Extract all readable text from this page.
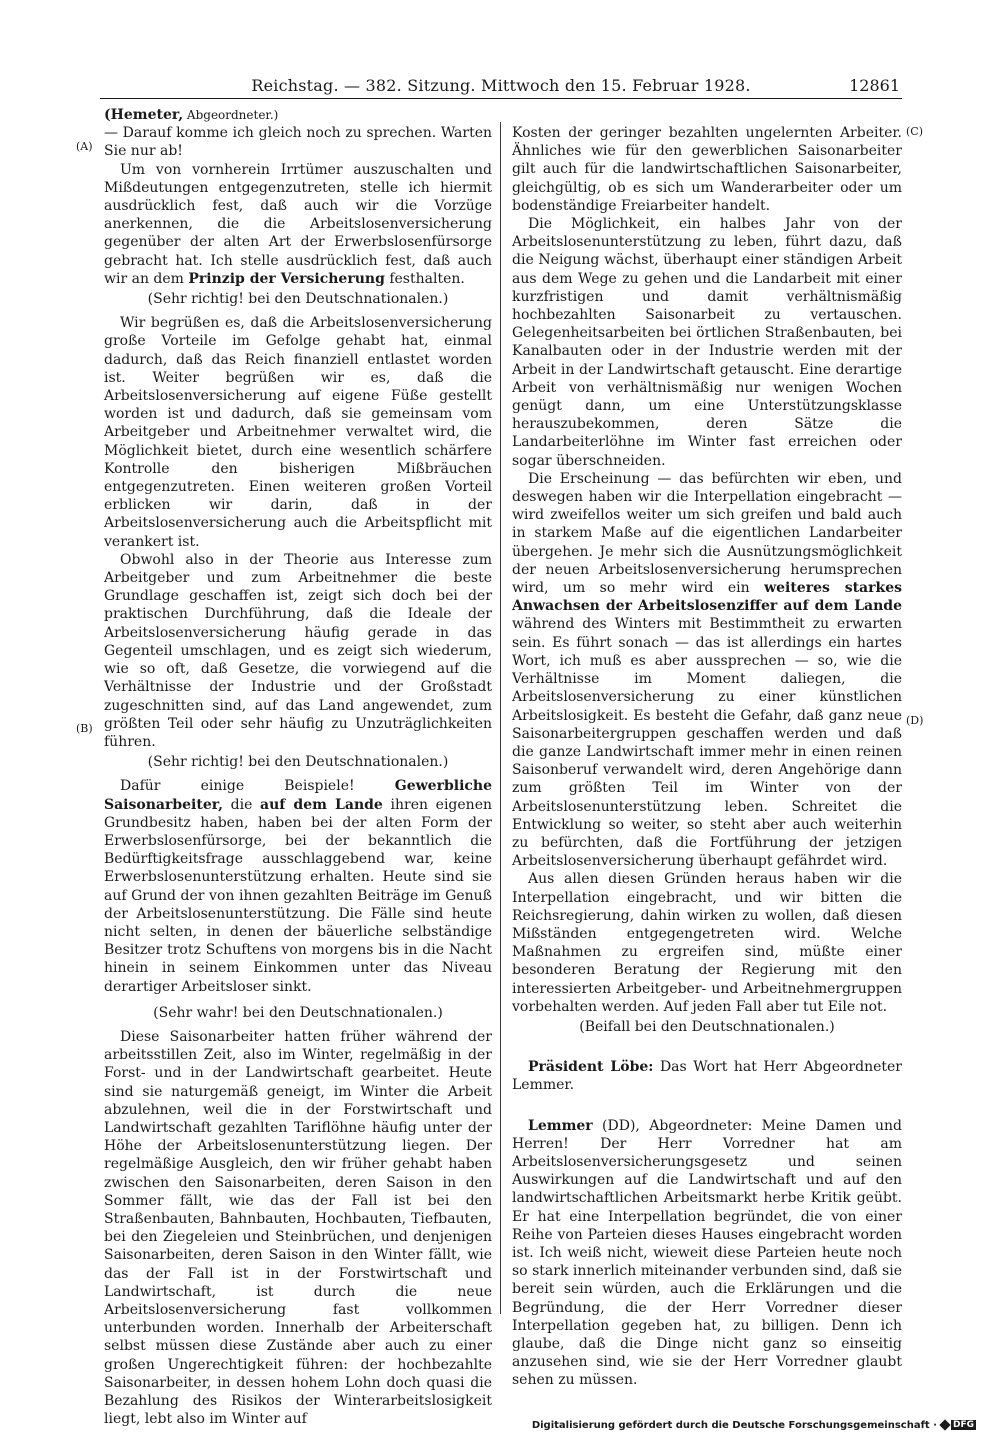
Reichstag. — 382. Sitzung. Mittwoch den 15. Februar 1928.	12861
(A)
(B)
(C)
(D)

(Hemeter, Abgeordneter.)

— Darauf komme ich gleich noch zu sprechen. Warten Sie nur ab!

Um von vornherein Irrtümer auszuschalten und Mißdeutungen entgegenzutreten, stelle ich hiermit ausdrücklich fest, daß auch wir die Vorzüge anerkennen, die die Arbeitslosenversicherung gegenüber der alten Art der Erwerbslosenfürsorge gebracht hat. Ich stelle ausdrücklich fest, daß auch wir an dem Prinzip der Versicherung festhalten.

(Sehr richtig! bei den Deutschnationalen.)

Wir begrüßen es, daß die Arbeitslosenversicherung große Vorteile im Gefolge gehabt hat, einmal dadurch, daß das Reich finanziell entlastet worden ist. Weiter begrüßen wir es, daß die Arbeitslosenversicherung auf eigene Füße gestellt worden ist und dadurch, daß sie gemeinsam vom Arbeitgeber und Arbeitnehmer verwaltet wird, die Möglichkeit bietet, durch eine wesentlich schärfere Kontrolle den bisherigen Mißbräuchen entgegenzutreten. Einen weiteren großen Vorteil erblicken wir darin, daß in der Arbeitslosenversicherung auch die Arbeitspflicht mit verankert ist.

Obwohl also in der Theorie aus Interesse zum Arbeitgeber und zum Arbeitnehmer die beste Grundlage geschaffen ist, zeigt sich doch bei der praktischen Durchführung, daß die Ideale der Arbeitslosenversicherung häufig gerade in das Gegenteil umschlagen, und es zeigt sich wiederum, wie so oft, daß Gesetze, die vorwiegend auf die Verhältnisse der Industrie und der Großstadt zugeschnitten sind, auf das Land angewendet, zum größten Teil oder sehr häufig zu Unzuträglichkeiten führen.

(Sehr richtig! bei den Deutschnationalen.)

Dafür einige Beispiele! Gewerbliche Saisonarbeiter, die auf dem Lande ihren eigenen Grundbesitz haben, haben bei der alten Form der Erwerbslosenfürsorge, bei der bekanntlich die Bedürftigkeitsfrage ausschlaggebend war, keine Erwerbslosenunterstützung erhalten. Heute sind sie auf Grund der von ihnen gezahlten Beiträge im Genuß der Arbeitslosenunterstützung. Die Fälle sind heute nicht selten, in denen der bäuerliche selbständige Besitzer trotz Schuftens von morgens bis in die Nacht hinein in seinem Einkommen unter das Niveau derartiger Arbeitsloser sinkt.

(Sehr wahr! bei den Deutschnationalen.)

Diese Saisonarbeiter hatten früher während der arbeitsstillen Zeit, also im Winter, regelmäßig in der Forst- und in der Landwirtschaft gearbeitet. Heute sind sie naturgemäß geneigt, im Winter die Arbeit abzulehnen, weil die in der Forstwirtschaft und Landwirtschaft gezahlten Tariflöhne häufig unter der Höhe der Arbeitslosenunterstützung liegen. Der regelmäßige Ausgleich, den wir früher gehabt haben zwischen den Saisonarbeiten, deren Saison in den Sommer fällt, wie das der Fall ist bei den Straßenbauten, Bahnbauten, Hochbauten, Tiefbauten, bei den Ziegeleien und Steinbrüchen, und denjenigen Saisonarbeiten, deren Saison in den Winter fällt, wie das der Fall ist in der Forstwirtschaft und Landwirtschaft, ist durch die neue Arbeitslosenversicherung fast vollkommen unterbunden worden. Innerhalb der Arbeiterschaft selbst müssen diese Zustände aber auch zu einer großen Ungerechtigkeit führen: der hochbezahlte Saisonarbeiter, in dessen hohem Lohn doch quasi die Bezahlung des Risikos der Winterarbeitslosigkeit liegt, lebt also im Winter auf

Kosten der geringer bezahlten ungelernten Arbeiter. Ähnliches wie für den gewerblichen Saisonarbeiter gilt auch für die landwirtschaftlichen Saisonarbeiter, gleichgültig, ob es sich um Wanderarbeiter oder um bodenständige Freiarbeiter handelt.

Die Möglichkeit, ein halbes Jahr von der Arbeitslosenunterstützung zu leben, führt dazu, daß die Neigung wächst, überhaupt einer ständigen Arbeit aus dem Wege zu gehen und die Landarbeit mit einer kurzfristigen und damit verhältnismäßig hochbezahlten Saisonarbeit zu vertauschen. Gelegenheitsarbeiten bei örtlichen Straßenbauten, bei Kanalbauten oder in der Industrie werden mit der Arbeit in der Landwirtschaft getauscht. Eine derartige Arbeit von verhältnismäßig nur wenigen Wochen genügt dann, um eine Unterstützungsklasse herauszubekommen, deren Sätze die Landarbeiterlöhne im Winter fast erreichen oder sogar überschneiden.

Die Erscheinung — das befürchten wir eben, und deswegen haben wir die Interpellation eingebracht — wird zweifellos weiter um sich greifen und bald auch in starkem Maße auf die eigentlichen Landarbeiter übergehen. Je mehr sich die Ausnützungsmöglichkeit der neuen Arbeitslosenversicherung herumsprechen wird, um so mehr wird ein weiteres starkes Anwachsen der Arbeitslosenziffer auf dem Lande während des Winters mit Bestimmtheit zu erwarten sein. Es führt sonach — das ist allerdings ein hartes Wort, ich muß es aber aussprechen — so, wie die Verhältnisse im Moment daliegen, die Arbeitslosenversicherung zu einer künstlichen Arbeitslosigkeit. Es besteht die Gefahr, daß ganz neue Saisonarbeitergruppen geschaffen werden und daß die ganze Landwirtschaft immer mehr in einen reinen Saisonberuf verwandelt wird, deren Angehörige dann zum größten Teil im Winter von der Arbeitslosenunterstützung leben. Schreitet die Entwicklung so weiter, so steht aber auch weiterhin zu befürchten, daß die Fortführung der jetzigen Arbeitslosenversicherung überhaupt gefährdet wird.

Aus allen diesen Gründen heraus haben wir die Interpellation eingebracht, und wir bitten die Reichsregierung, dahin wirken zu wollen, daß diesen Mißständen entgegengetreten wird. Welche Maßnahmen zu ergreifen sind, müßte einer besonderen Beratung der Regierung mit den interessierten Arbeitgeber- und Arbeitnehmergruppen vorbehalten werden. Auf jeden Fall aber tut Eile not.

(Beifall bei den Deutschnationalen.)

Präsident Löbe: Das Wort hat Herr Abgeordneter Lemmer.

Lemmer (DD), Abgeordneter: Meine Damen und Herren! Der Herr Vorredner hat am Arbeitslosenversicherungsgesetz und seinen Auswirkungen auf die Landwirtschaft und auf den landwirtschaftlichen Arbeitsmarkt herbe Kritik geübt. Er hat eine Interpellation begründet, die von einer Reihe von Parteien dieses Hauses eingebracht worden ist. Ich weiß nicht, wieweit diese Parteien heute noch so stark innerlich miteinander verbunden sind, daß sie bereit sein würden, auch die Erklärungen und die Begründung, die der Herr Vorredner dieser Interpellation gegeben hat, zu billigen. Denn ich glaube, daß die Dinge nicht ganz so einseitig anzusehen sind, wie sie der Herr Vorredner glaubt sehen zu müssen.

Digitalisierung gefördert durch die Deutsche Forschungsgemeinschaft · DFG
